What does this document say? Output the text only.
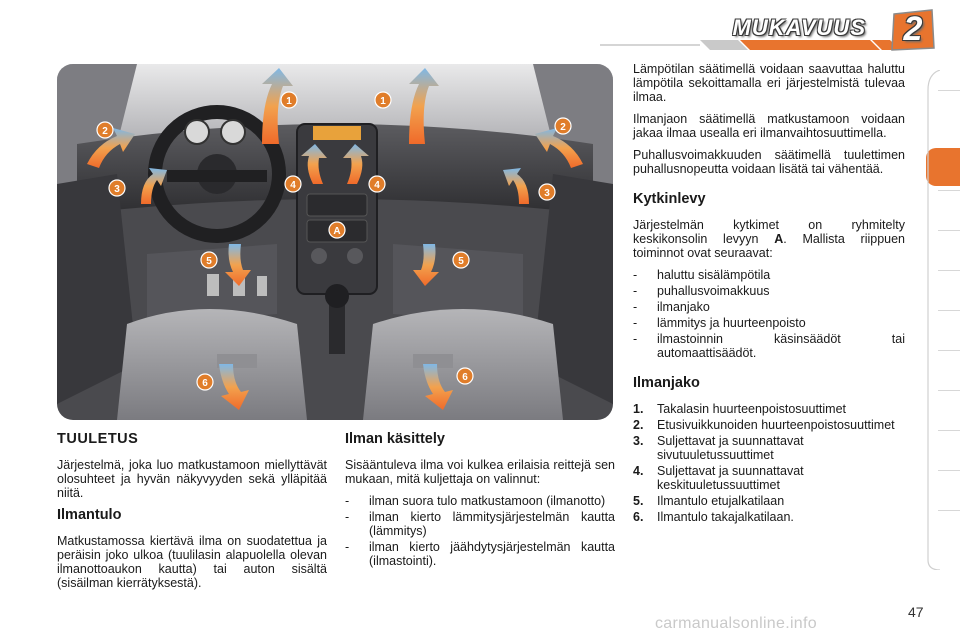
MUKAVUUS	2
1	1
2	2
3	3
4	4
5	5
6
6
A
TUULETUS

Järjestelmä, joka luo matkustamoon miellyttävät olosuhteet ja hyvän näkyvyyden sekä ylläpitää niitä.

Ilmantulo

Matkustamossa kiertävä ilma on suodatettua ja peräisin joko ulkoa (tuulilasin alapuolella olevan ilmanottoaukon kautta) tai auton sisältä (sisäilman kierrätyksestä).

Ilman käsittely

Sisääntuleva ilma voi kulkea erilaisia reittejä sen mukaan, mitä kuljettaja on valinnut:

- ilman suora tulo matkustamoon (ilmanotto)
- ilman kierto lämmitysjärjestelmän kautta (lämmitys)
- ilman kierto jäähdytysjärjestelmän kautta (ilmastointi).

Lämpötilan säätimellä voidaan saavuttaa haluttu lämpötila sekoittamalla eri järjestelmistä tulevaa ilmaa.

Ilmanjaon säätimellä matkustamoon voidaan jakaa ilmaa usealla eri ilmanvaihtosuuttimella.

Puhallusvoimakkuuden säätimellä tuulettimen puhallusnopeutta voidaan lisätä tai vähentää.

Kytkinlevy

Järjestelmän kytkimet on ryhmitelty keskikonsolin levyyn A. Mallista riippuen toiminnot ovat seuraavat:

- haluttu sisälämpötila
- puhallusvoimakkuus
- ilmanjako
- lämmitys ja huurteenpoisto
- ilmastoinnin käsinsäädöt tai automaattisäädöt.
Ilmanjako
1. Takalasin huurteenpoistosuuttimet
2. Etusivuikkunoiden huurteenpoistosuuttimet
3. Suljettavat ja suunnattavat sivutuuletussuuttimet
4. Suljettavat ja suunnattavat keskituuletussuuttimet
5. Ilmantulo etujalkatilaan
6. Ilmantulo takajalkatilaan.
47
carmanualsonline.info
